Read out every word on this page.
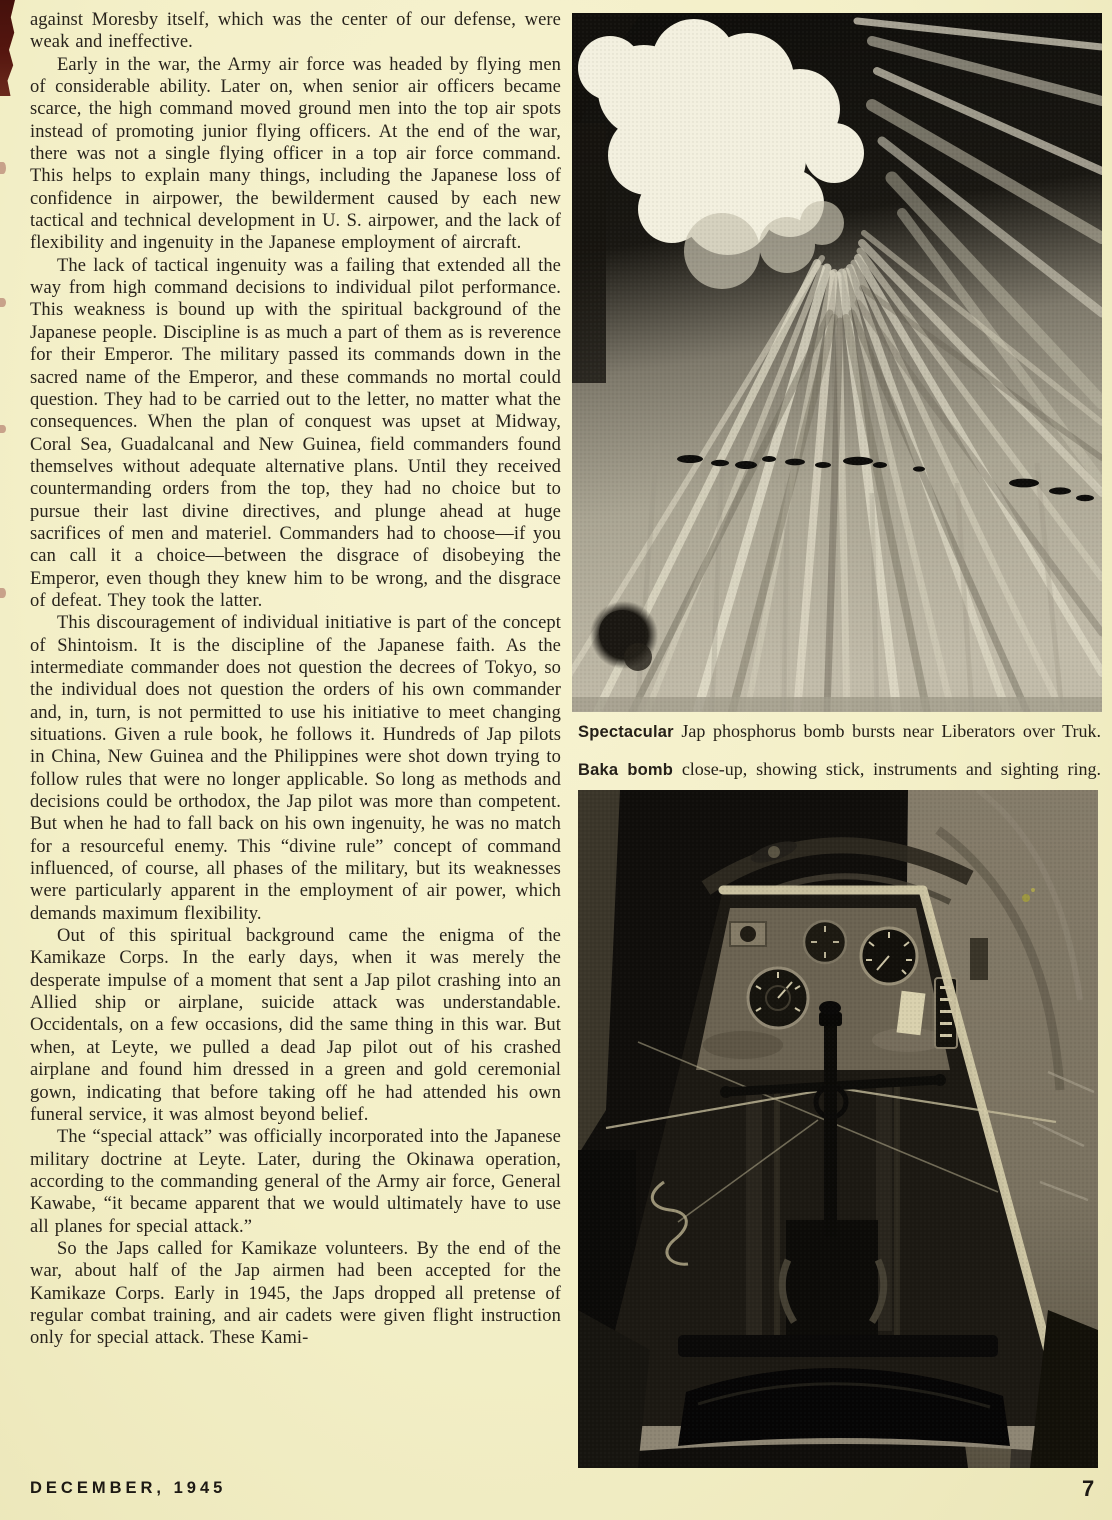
against Moresby itself, which was the center of our defense, were weak and ineffective.

Early in the war, the Army air force was headed by flying men of considerable ability. Later on, when senior air officers became scarce, the high command moved ground men into the top air spots instead of promoting junior flying officers. At the end of the war, there was not a single flying officer in a top air force command. This helps to explain many things, including the Japanese loss of confidence in airpower, the bewilderment caused by each new tactical and technical development in U. S. airpower, and the lack of flexibility and ingenuity in the Japanese employment of aircraft.

The lack of tactical ingenuity was a failing that extended all the way from high command decisions to individual pilot performance. This weakness is bound up with the spiritual background of the Japanese people. Discipline is as much a part of them as is reverence for their Emperor. The military passed its commands down in the sacred name of the Emperor, and these commands no mortal could question. They had to be carried out to the letter, no matter what the consequences. When the plan of conquest was upset at Midway, Coral Sea, Guadalcanal and New Guinea, field commanders found themselves without adequate alternative plans. Until they received countermanding orders from the top, they had no choice but to pursue their last divine directives, and plunge ahead at huge sacrifices of men and materiel. Commanders had to choose—if you can call it a choice—between the disgrace of disobeying the Emperor, even though they knew him to be wrong, and the disgrace of defeat. They took the latter.

This discouragement of individual initiative is part of the concept of Shintoism. It is the discipline of the Japanese faith. As the intermediate commander does not question the decrees of Tokyo, so the individual does not question the orders of his own commander and, in, turn, is not permitted to use his initiative to meet changing situations. Given a rule book, he follows it. Hundreds of Jap pilots in China, New Guinea and the Philippines were shot down trying to follow rules that were no longer applicable. So long as methods and decisions could be orthodox, the Jap pilot was more than competent. But when he had to fall back on his own ingenuity, he was no match for a resourceful enemy. This “divine rule” concept of command influenced, of course, all phases of the military, but its weaknesses were particularly apparent in the employment of air power, which demands maximum flexibility.

Out of this spiritual background came the enigma of the Kamikaze Corps. In the early days, when it was merely the desperate impulse of a moment that sent a Jap pilot crashing into an Allied ship or airplane, suicide attack was understandable. Occidentals, on a few occasions, did the same thing in this war. But when, at Leyte, we pulled a dead Jap pilot out of his crashed airplane and found him dressed in a green and gold ceremonial gown, indicating that before taking off he had attended his own funeral service, it was almost beyond belief.

The “special attack” was officially incorporated into the Japanese military doctrine at Leyte. Later, during the Okinawa operation, according to the commanding general of the Army air force, General Kawabe, “it became apparent that we would ultimately have to use all planes for special attack.”

So the Japs called for Kamikaze volunteers. By the end of the war, about half of the Jap airmen had been accepted for the Kamikaze Corps. Early in 1945, the Japs dropped all pretense of regular combat training, and air cadets were given flight instruction only for special attack. These Kami-

Spectacular Jap phosphorus bomb bursts near Liberators over Truk.
Baka bomb close-up, showing stick, instruments and sighting ring.
DECEMBER, 1945	7
